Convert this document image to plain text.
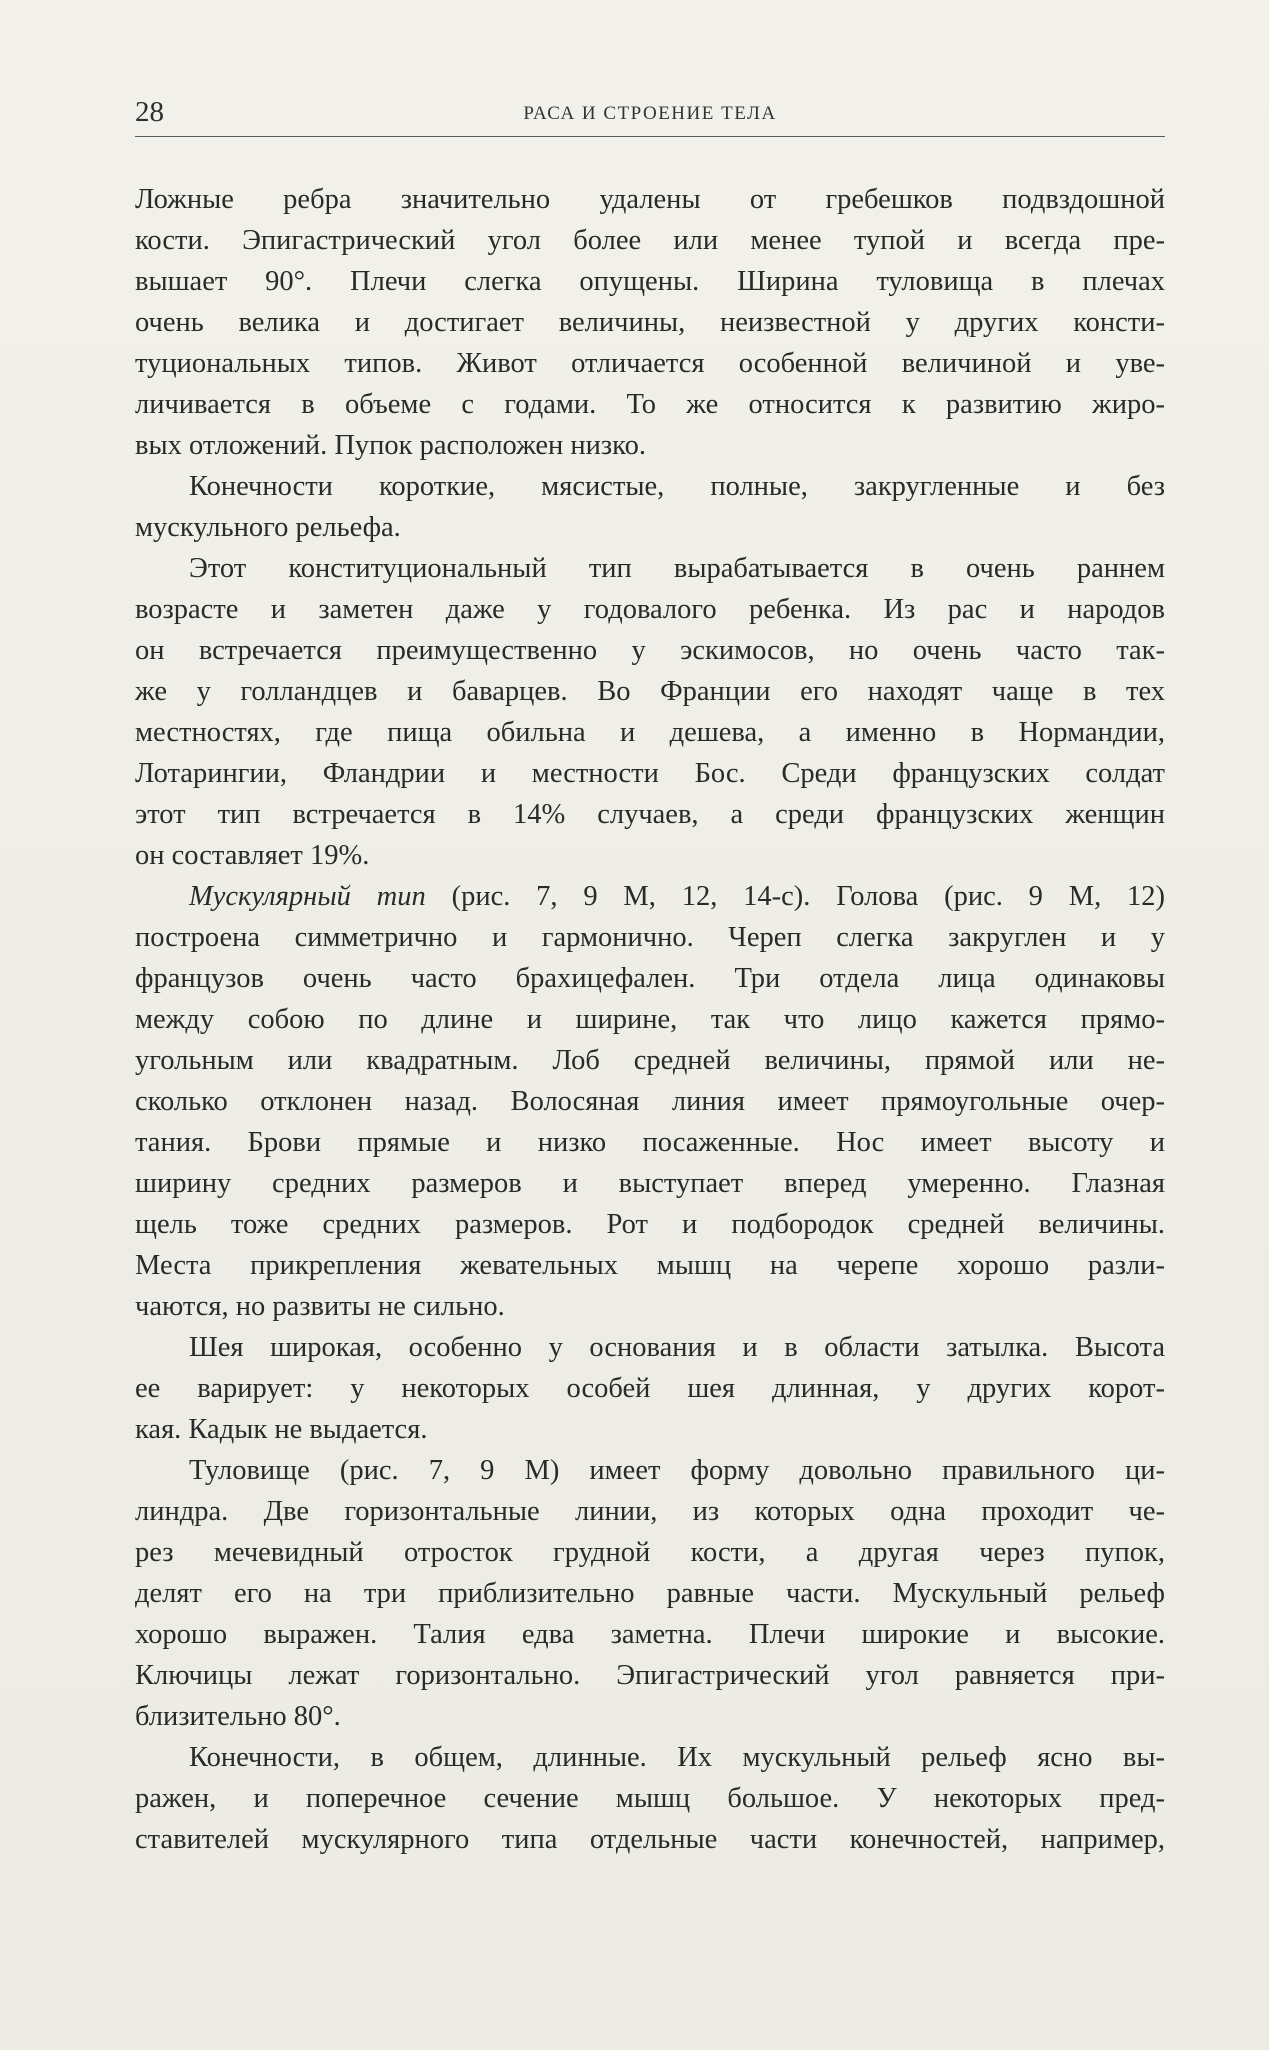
28	РАСА И СТРОЕНИЕ ТЕЛА
Ложные ребра значительно удалены от гребешков подвздошной
кости. Эпигастрический угол более или менее тупой и всегда пре-
вышает 90°. Плечи слегка опущены. Ширина туловища в плечах
очень велика и достигает величины, неизвестной у других консти-
туциональных типов. Живот отличается особенной величиной и уве-
личивается в объеме с годами. То же относится к развитию жиро-
вых отложений. Пупок расположен низко.
Конечности короткие, мясистые, полные, закругленные и без
мускульного рельефа.
Этот конституциональный тип вырабатывается в очень раннем
возрасте и заметен даже у годовалого ребенка. Из рас и народов
он встречается преимущественно у эскимосов, но очень часто так-
же у голландцев и баварцев. Во Франции его находят чаще в тех
местностях, где пища обильна и дешева, а именно в Нормандии,
Лотарингии, Фландрии и местности Бос. Среди французских солдат
этот тип встречается в 14% случаев, а среди французских женщин
он составляет 19%.
Мускулярный тип (рис. 7, 9 М, 12, 14-с). Голова (рис. 9 М, 12)
построена симметрично и гармонично. Череп слегка закруглен и у
французов очень часто брахицефален. Три отдела лица одинаковы
между собою по длине и ширине, так что лицо кажется прямо-
угольным или квадратным. Лоб средней величины, прямой или не-
сколько отклонен назад. Волосяная линия имеет прямоугольные очер-
тания. Брови прямые и низко посаженные. Нос имеет высоту и
ширину средних размеров и выступает вперед умеренно. Глазная
щель тоже средних размеров. Рот и подбородок средней величины.
Места прикрепления жевательных мышц на черепе хорошо разли-
чаются, но развиты не сильно.
Шея широкая, особенно у основания и в области затылка. Высота
ее варирует: у некоторых особей шея длинная, у других корот-
кая. Кадык не выдается.
Туловище (рис. 7, 9 М) имеет форму довольно правильного ци-
линдра. Две горизонтальные линии, из которых одна проходит че-
рез мечевидный отросток грудной кости, а другая через пупок,
делят его на три приблизительно равные части. Мускульный рельеф
хорошо выражен. Талия едва заметна. Плечи широкие и высокие.
Ключицы лежат горизонтально. Эпигастрический угол равняется при-
близительно 80°.
Конечности, в общем, длинные. Их мускульный рельеф ясно вы-
ражен, и поперечное сечение мышц большое. У некоторых пред-
ставителей мускулярного типа отдельные части конечностей, например,
